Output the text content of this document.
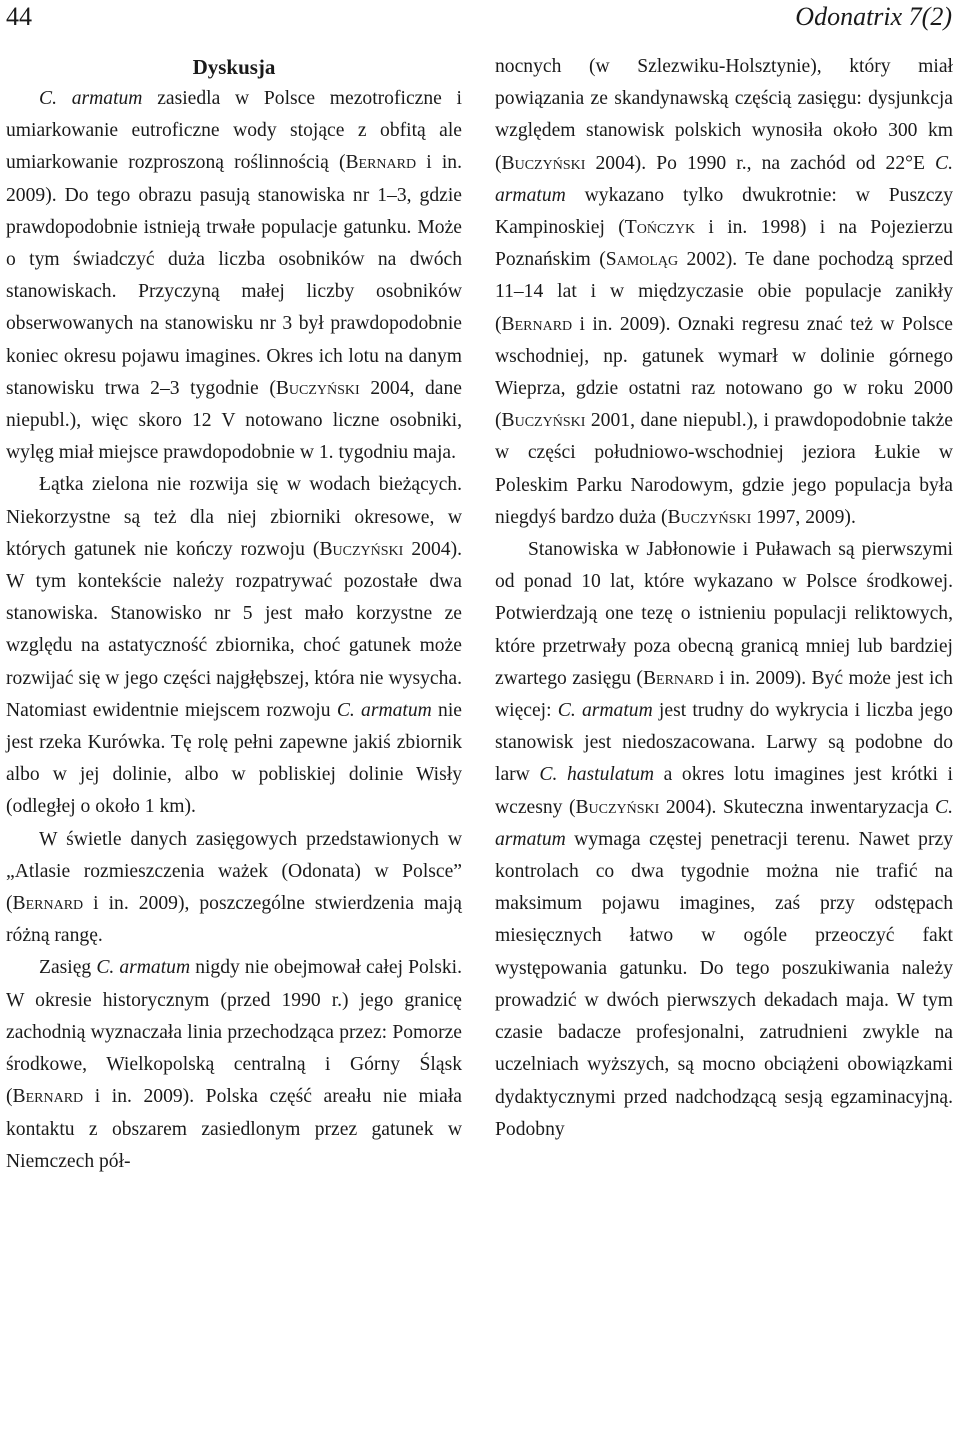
44	Odonatrix 7(2)
Dyskusja

C. armatum zasiedla w Polsce mezotroficzne i umiarkowanie eutroficzne wody stojące z obfitą ale umiarkowanie rozproszoną roślinnością (Bernard i in. 2009). Do tego obrazu pasują stanowiska nr 1–3, gdzie prawdopodobnie istnieją trwałe populacje gatunku. Może o tym świadczyć duża liczba osobników na dwóch stanowiskach. Przyczyną małej liczby osobników obserwowanych na stanowisku nr 3 był prawdopodobnie koniec okresu pojawu imagines. Okres ich lotu na danym stanowisku trwa 2–3 tygodnie (Buczyński 2004, dane niepubl.), więc skoro 12 V notowano liczne osobniki, wylęg miał miejsce prawdopodobnie w 1. tygodniu maja.

Łątka zielona nie rozwija się w wodach bieżących. Niekorzystne są też dla niej zbiorniki okresowe, w których gatunek nie kończy rozwoju (Buczyński 2004). W tym kontekście należy rozpatrywać pozostałe dwa stanowiska. Stanowisko nr 5 jest mało korzystne ze względu na astatyczność zbiornika, choć gatunek może rozwijać się w jego części najgłębszej, która nie wysycha. Natomiast ewidentnie miejscem rozwoju C. armatum nie jest rzeka Kurówka. Tę rolę pełni zapewne jakiś zbiornik albo w jej dolinie, albo w pobliskiej dolinie Wisły (odległej o około 1 km).

W świetle danych zasięgowych przedstawionych w „Atlasie rozmieszczenia ważek (Odonata) w Polsce” (Bernard i in. 2009), poszczególne stwierdzenia mają różną rangę.

Zasięg C. armatum nigdy nie obejmował całej Polski. W okresie historycznym (przed 1990 r.) jego granicę zachodnią wyznaczała linia przechodząca przez: Pomorze środkowe, Wielkopolską centralną i Górny Śląsk (Bernard i in. 2009). Polska część areału nie miała kontaktu z obszarem zasiedlonym przez gatunek w Niemczech pół-

nocnych (w Szlezwiku-Holsztynie), który miał powiązania ze skandynawską częścią zasięgu: dysjunkcja względem stanowisk polskich wynosiła około 300 km (Buczyński 2004). Po 1990 r., na zachód od 22°E C. armatum wykazano tylko dwukrotnie: w Puszczy Kampinoskiej (Tończyk i in. 1998) i na Pojezierzu Poznańskim (Samoląg 2002). Te dane pochodzą sprzed 11–14 lat i w międzyczasie obie populacje zanikły (Bernard i in. 2009). Oznaki regresu znać też w Polsce wschodniej, np. gatunek wymarł w dolinie górnego Wieprza, gdzie ostatni raz notowano go w roku 2000 (Buczyński 2001, dane niepubl.), i prawdopodobnie także w części południowo-wschodniej jeziora Łukie w Poleskim Parku Narodowym, gdzie jego populacja była niegdyś bardzo duża (Buczyński 1997, 2009).

Stanowiska w Jabłonowie i Puławach są pierwszymi od ponad 10 lat, które wykazano w Polsce środkowej. Potwierdzają one tezę o istnieniu populacji reliktowych, które przetrwały poza obecną granicą mniej lub bardziej zwartego zasięgu (Bernard i in. 2009). Być może jest ich więcej: C. armatum jest trudny do wykrycia i liczba jego stanowisk jest niedoszacowana. Larwy są podobne do larw C. hastulatum a okres lotu imagines jest krótki i wczesny (Buczyński 2004). Skuteczna inwentaryzacja C. armatum wymaga częstej penetracji terenu. Nawet przy kontrolach co dwa tygodnie można nie trafić na maksimum pojawu imagines, zaś przy odstępach miesięcznych łatwo w ogóle przeoczyć fakt występowania gatunku. Do tego poszukiwania należy prowadzić w dwóch pierwszych dekadach maja. W tym czasie badacze profesjonalni, zatrudnieni zwykle na uczelniach wyższych, są mocno obciążeni obowiązkami dydaktycznymi przed nadchodzącą sesją egzaminacyjną. Podobny
